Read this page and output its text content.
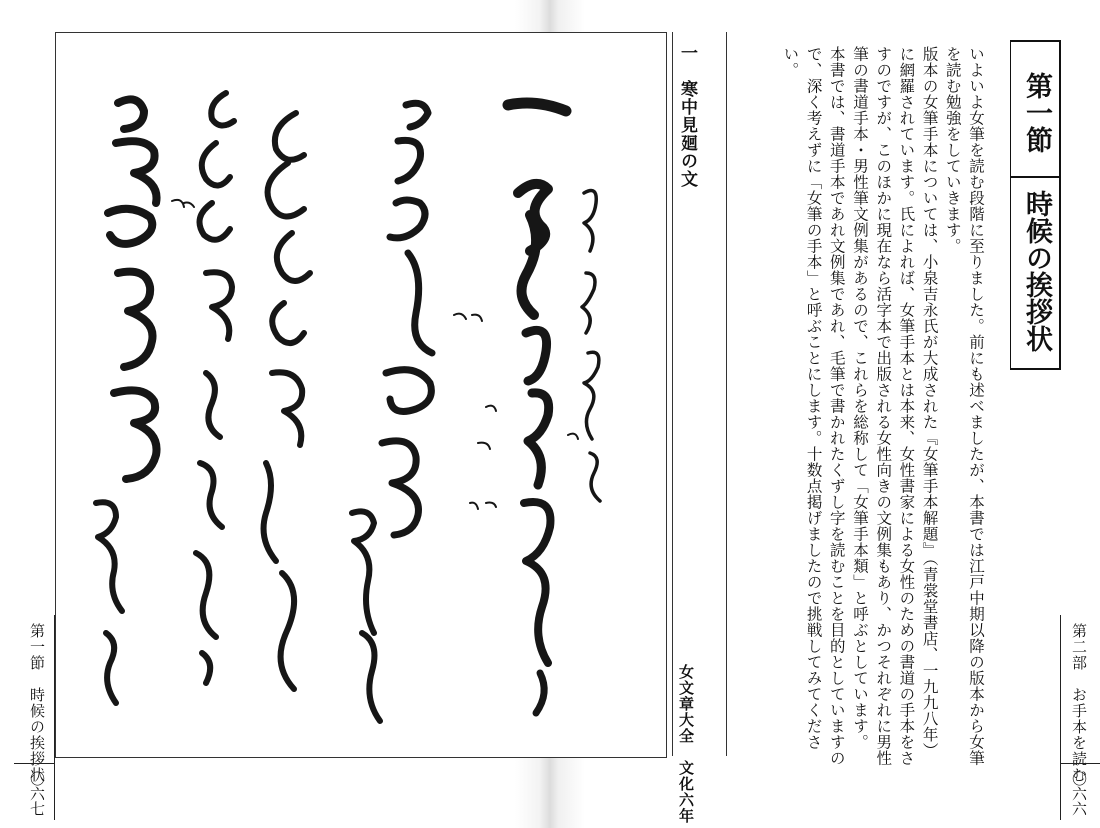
第一節　時候の挨拶状
〇六七
一　寒中見廻の文
女文章大全　文化六年	いよいよ女筆を読む段階に至りました。前にも述べましたが、本書では江戸中期以降の版本から女筆を読む勉強をしていきます。

版本の女筆手本については、小泉吉永氏が大成された『女筆手本解題』（青裳堂書店、一九九八年）に網羅されています。氏によれば、女筆手本とは本来、女性書家による女性のための書道の手本をさすのですが、このほかに現在なら活字本で出版される女性向きの文例集もあり、かつそれぞれに男性筆の書道手本・男性筆文例集があるので、これらを総称して「女筆手本類」と呼ぶとしています。

本書では、書道手本であれ文例集であれ、毛筆で書かれたくずし字を読むことを目的としていますので、深く考えずに「女筆の手本」と呼ぶことにします。十数点掲げましたので挑戦してみてください。

第一節
時候の挨拶状
第二部　お手本を読む
〇六六
